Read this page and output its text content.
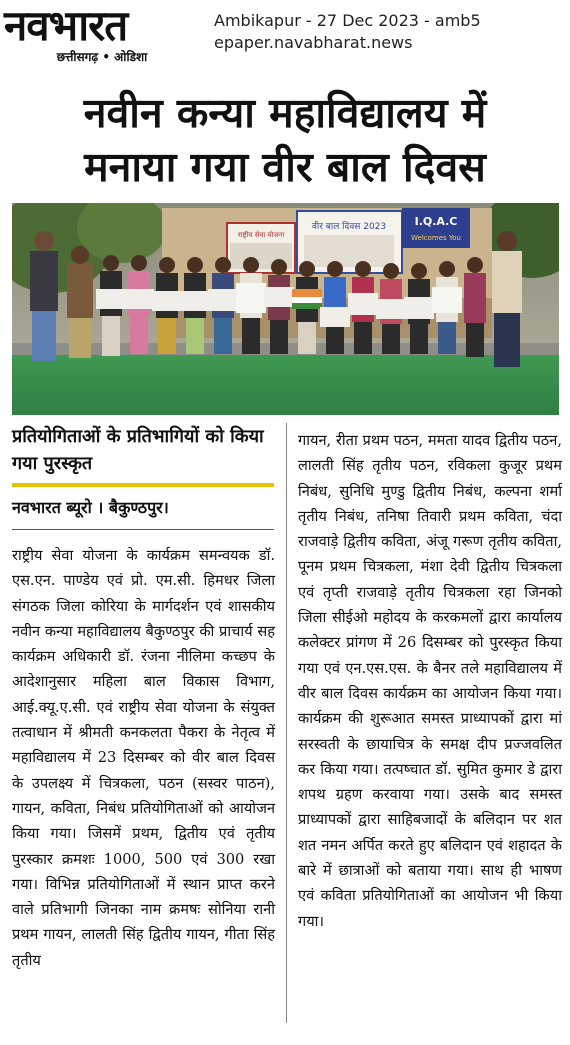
नवभारत
छत्तीसगढ़ • ओडिशा
Ambikapur - 27 Dec 2023 - amb5
epaper.navabharat.news
नवीन कन्या महाविद्यालय में
मनाया गया वीर बाल दिवस
राष्ट्रीय सेवा योजना
वीर बाल दिवस 2023	I.Q.A.C
Welcomes You
प्रतियोगिताओं के प्रतिभागियों को किया गया पुरस्कृत
नवभारत ब्यूरो । बैकुण्ठपुर।
राष्ट्रीय सेवा योजना के कार्यक्रम समन्वयक डॉ. एस.एन. पाण्डेय एवं प्रो. एम.सी. हिमधर जिला संगठक जिला कोरिया के मार्गदर्शन एवं शासकीय नवीन कन्या महाविद्यालय बैकुण्ठपुर की प्राचार्य सह कार्यक्रम अधिकारी डॉ. रंजना नीलिमा कच्छप के आदेशानुसार महिला बाल विकास विभाग, आई.क्यू.ए.सी. एवं राष्ट्रीय सेवा योजना के संयुक्त तत्वाधान में श्रीमती कनकलता पैकरा के नेतृत्व में महाविद्यालय में 23 दिसम्बर को वीर बाल दिवस के उपलक्ष्य में चित्रकला, पठन (सस्वर पाठन), गायन, कविता, निबंध प्रतियोगिताओं को आयोजन किया गया। जिसमें प्रथम, द्वितीय एवं तृतीय पुरस्कार क्रमशः 1000, 500 एवं 300 रखा गया। विभिन्न प्रतियोगिताओं में स्थान प्राप्त करने वाले प्रतिभागी जिनका नाम क्रमषः सोनिया रानी प्रथम गायन, लालती सिंह द्वितीय गायन, गीता सिंह तृतीय
गायन, रीता प्रथम पठन, ममता यादव द्वितीय पठन, लालती सिंह तृतीय पठन, रविकला कुजूर प्रथम निबंध, सुनिधि मुण्डु द्वितीय निबंध, कल्पना शर्मा तृतीय निबंध, तनिषा तिवारी प्रथम कविता, चंदा राजवाड़े द्वितीय कविता, अंजू गरूण तृतीय कविता, पूनम प्रथम चित्रकला, मंशा देवी द्वितीय चित्रकला एवं तृप्ती राजवाड़े तृतीय चित्रकला रहा जिनको जिला सीईओ महोदय के करकमलों द्वारा कार्यालय कलेक्टर प्रांगण में 26 दिसम्बर को पुरस्कृत किया गया एवं एन.एस.एस. के बैनर तले महाविद्यालय में वीर बाल दिवस कार्यक्रम का आयोजन किया गया। कार्यक्रम की शुरूआत समस्त प्राध्यापकों द्वारा मां सरस्वती के छायाचित्र के समक्ष दीप प्रज्जवलित कर किया गया। तत्पष्चात डॉ. सुमित कुमार डे द्वारा शपथ ग्रहण करवाया गया। उसके बाद समस्त प्राध्यापकों द्वारा साहिबजादों के बलिदान पर शत शत नमन अर्पित करते हुए बलिदान एवं शहादत के बारे में छात्राओं को बताया गया। साथ ही भाषण एवं कविता प्रतियोगिताओं का आयोजन भी किया गया।
